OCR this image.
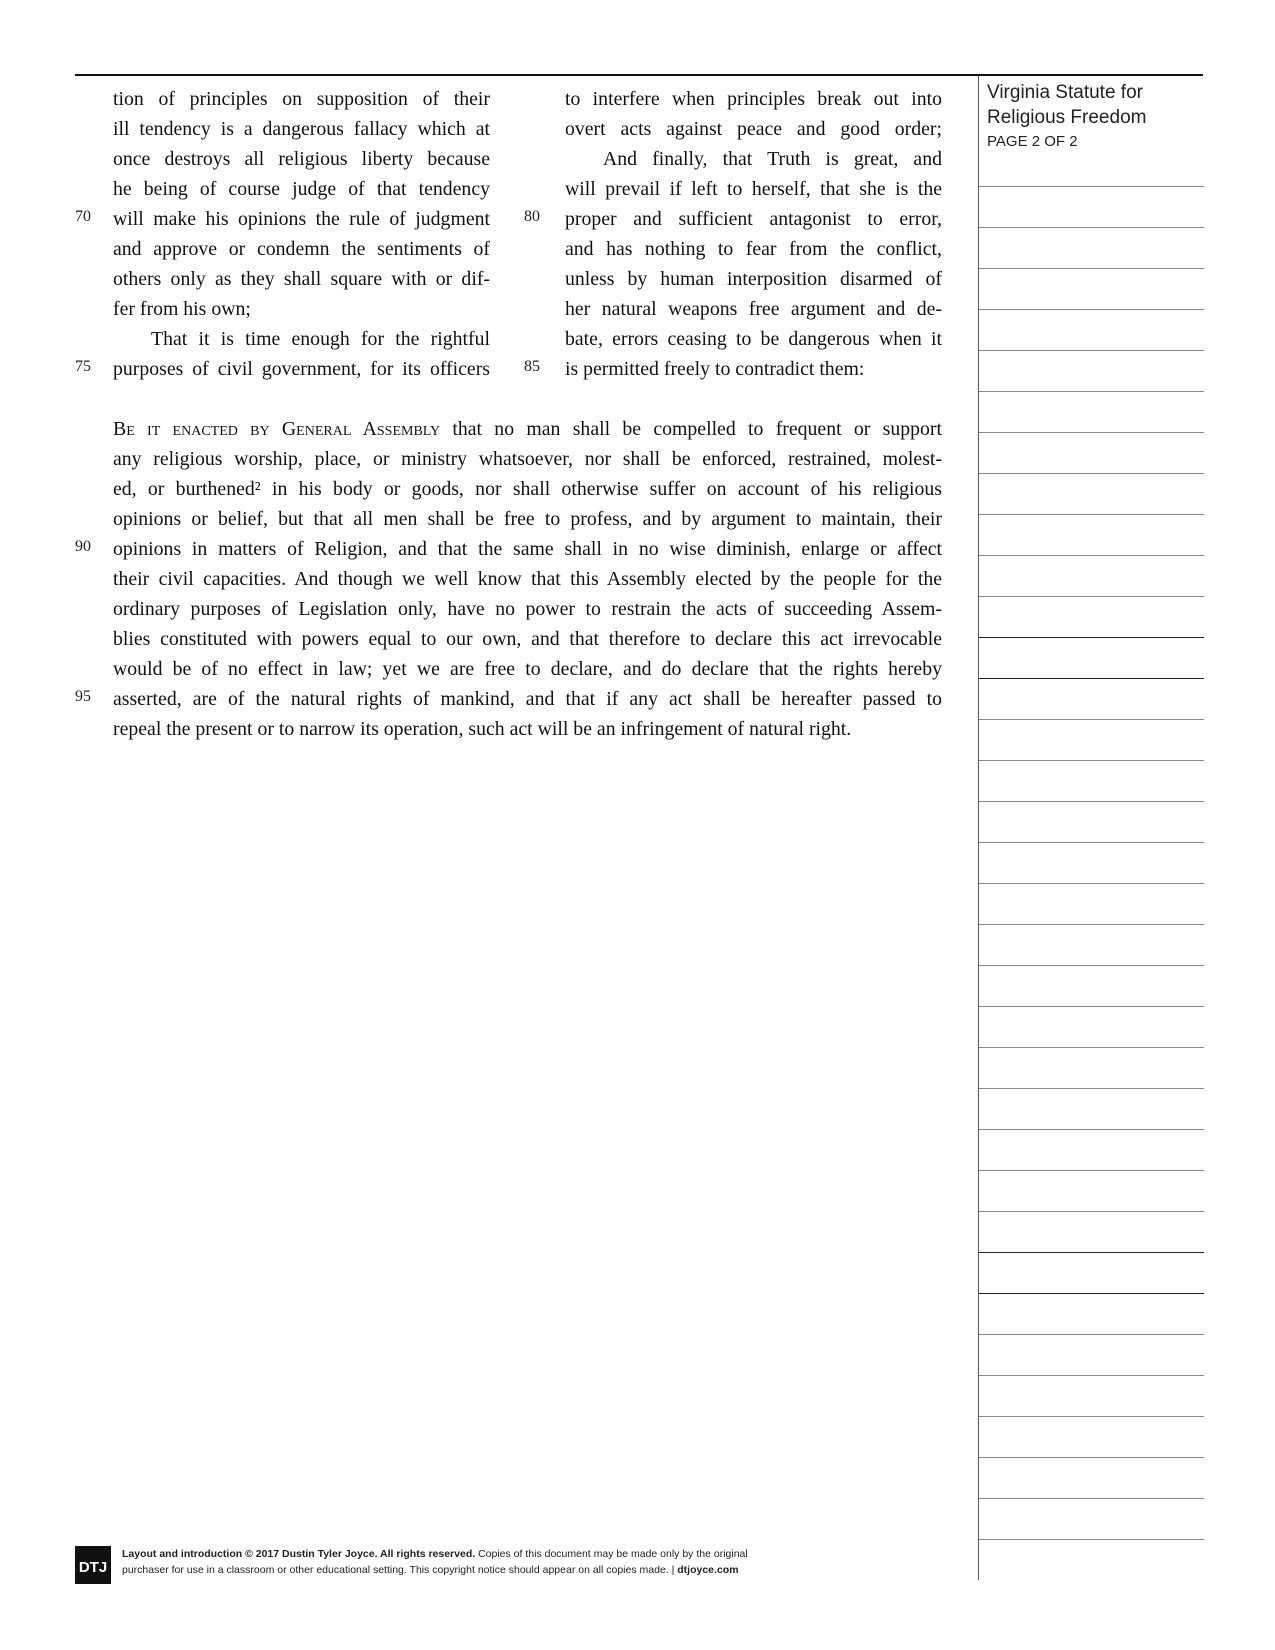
Virginia Statute for Religious Freedom
PAGE 2 OF 2
tion of principles on supposition of their
ill tendency is a dangerous fallacy which at
once destroys all religious liberty because
he being of course judge of that tendency
will make his opinions the rule of judgment
and approve or condemn the sentiments of
others only as they shall square with or dif-
fer from his own;
That it is time enough for the rightful
purposes of civil government, for its officers
to interfere when principles break out into
overt acts against peace and good order;
And finally, that Truth is great, and
will prevail if left to herself, that she is the
proper and sufficient antagonist to error,
and has nothing to fear from the conflict,
unless by human interposition disarmed of
her natural weapons free argument and de-
bate, errors ceasing to be dangerous when it
is permitted freely to contradict them:
Be it enacted by General Assembly that no man shall be compelled to frequent or support
any religious worship, place, or ministry whatsoever, nor shall be enforced, restrained, molest-
ed, or burthened² in his body or goods, nor shall otherwise suffer on account of his religious
opinions or belief, but that all men shall be free to profess, and by argument to maintain, their
opinions in matters of Religion, and that the same shall in no wise diminish, enlarge or affect
their civil capacities. And though we well know that this Assembly elected by the people for the
ordinary purposes of Legislation only, have no power to restrain the acts of succeeding Assem-
blies constituted with powers equal to our own, and that therefore to declare this act irrevocable
would be of no effect in law; yet we are free to declare, and do declare that the rights hereby
asserted, are of the natural rights of mankind, and that if any act shall be hereafter passed to
repeal the present or to narrow its operation, such act will be an infringement of natural right.
70
75
80
85
90
95
DTJ
Layout and introduction © 2017 Dustin Tyler Joyce. All rights reserved. Copies of this document may be made only by the original
purchaser for use in a classroom or other educational setting. This copyright notice should appear on all copies made. | dtjoyce.com
